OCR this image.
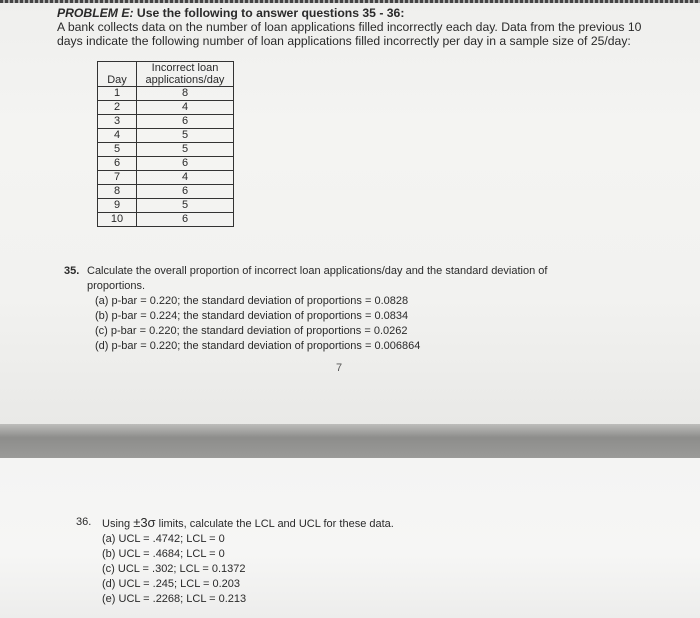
PROBLEM E: Use the following to answer questions 35 - 36:
A bank collects data on the number of loan applications filled incorrectly each day. Data from the previous 10
days indicate the following number of loan applications filled incorrectly per day in a sample size of 25/day:
Day	Incorrect loan
applications/day

1	8
2	4
3	6
4	5
5	5
6	6
7	4
8	6
9	5
10	6
35. Calculate the overall proportion of incorrect loan applications/day and the standard deviation of
proportions.
(a) p-bar = 0.220; the standard deviation of proportions = 0.0828
(b) p-bar = 0.224; the standard deviation of proportions = 0.0834
(c) p-bar = 0.220; the standard deviation of proportions = 0.0262
(d) p-bar = 0.220; the standard deviation of proportions = 0.006864
7
36. Using ±3σ limits, calculate the LCL and UCL for these data.
(a) UCL = .4742; LCL = 0
(b) UCL = .4684; LCL = 0
(c) UCL = .302; LCL = 0.1372
(d) UCL = .245; LCL = 0.203
(e) UCL = .2268; LCL = 0.213
